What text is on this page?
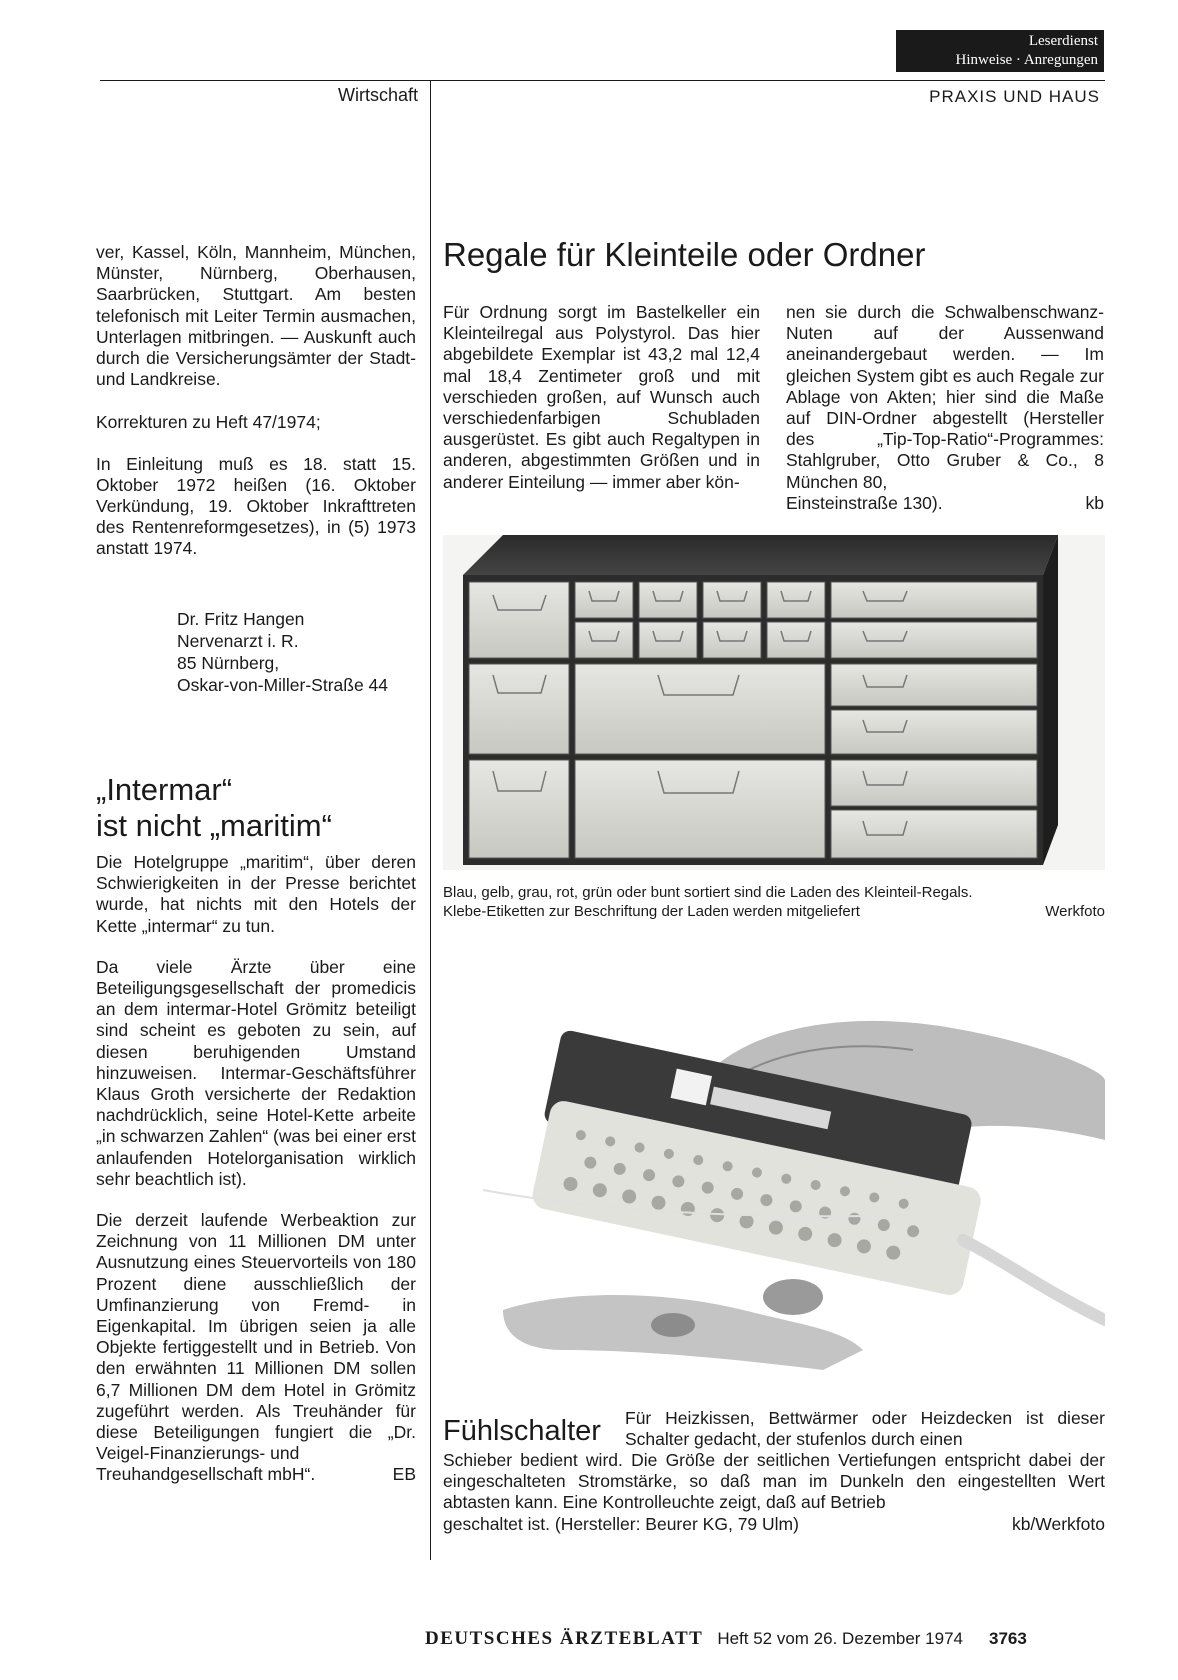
Leserdienst
Hinweise · Anregungen
Wirtschaft	PRAXIS UND HAUS

ver, Kassel, Köln, Mannheim, München, Münster, Nürnberg, Oberhausen, Saarbrücken, Stuttgart. Am besten telefonisch mit Leiter Termin ausmachen, Unterlagen mitbringen. — Auskunft auch durch die Versicherungsämter der Stadt- und Landkreise.

Korrekturen zu Heft 47/1974;

In Einleitung muß es 18. statt 15. Oktober 1972 heißen (16. Oktober Verkündung, 19. Oktober Inkrafttreten des Rentenreformgesetzes), in (5) 1973 anstatt 1974.

Dr. Fritz Hangen
Nervenarzt i. R.
85 Nürnberg,
Oskar-von-Miller-Straße 44
„Intermar“
ist nicht „maritim“

Die Hotelgruppe „maritim“, über deren Schwierigkeiten in der Presse berichtet wurde, hat nichts mit den Hotels der Kette „intermar“ zu tun.

Da viele Ärzte über eine Beteiligungsgesellschaft der promedicis an dem intermar-Hotel Grömitz beteiligt sind scheint es geboten zu sein, auf diesen beruhigenden Umstand hinzuweisen. Intermar-Geschäftsführer Klaus Groth versicherte der Redaktion nachdrücklich, seine Hotel-Kette arbeite „in schwarzen Zahlen“ (was bei einer erst anlaufenden Hotelorganisation wirklich sehr beachtlich ist).

Die derzeit laufende Werbeaktion zur Zeichnung von 11 Millionen DM unter Ausnutzung eines Steuervorteils von 180 Prozent diene ausschließlich der Umfinanzierung von Fremd- in Eigenkapital. Im übrigen seien ja alle Objekte fertiggestellt und in Betrieb. Von den erwähnten 11 Millionen DM sollen 6,7 Millionen DM dem Hotel in Grömitz zugeführt werden. Als Treuhänder für diese Beteiligungen fungiert die „Dr. Veigel-Finanzierungs- und

Treuhandgesellschaft mbH“.	EB
Regale für Kleinteile oder Ordner

Für Ordnung sorgt im Bastelkeller ein Kleinteilregal aus Polystyrol. Das hier abgebildete Exemplar ist 43,2 mal 12,4 mal 18,4 Zentimeter groß und mit verschieden großen, auf Wunsch auch verschiedenfarbigen Schubladen ausgerüstet. Es gibt auch Regaltypen in anderen, abgestimmten Größen und in anderer Einteilung — immer aber kön-

nen sie durch die Schwalbenschwanz-Nuten auf der Aussenwand aneinandergebaut werden. — Im gleichen System gibt es auch Regale zur Ablage von Akten; hier sind die Maße auf DIN-Ordner abgestellt (Hersteller des „Tip-Top-Ratio“-Programmes: Stahlgruber, Otto Gruber & Co., 8 München 80,

Einsteinstraße 130).	kb
Blau, gelb, grau, rot, grün oder bunt sortiert sind die Laden des Kleinteil-Regals.
Klebe-Etiketten zur Beschriftung der Laden werden mitgeliefert	Werkfoto
Fühlschalter Für Heizkissen, Bettwärmer oder Heizdecken ist dieser Schalter gedacht, der stufenlos durch einen

Schieber bedient wird. Die Größe der seitlichen Vertiefungen entspricht dabei der eingeschalteten Stromstärke, so daß man im Dunkeln den eingestellten Wert abtasten kann. Eine Kontrolleuchte zeigt, daß auf Betrieb

geschaltet ist. (Hersteller: Beurer KG, 79 Ulm)	kb/Werkfoto
DEUTSCHES ÄRZTEBLATT Heft 52 vom 26. Dezember 1974 3763
